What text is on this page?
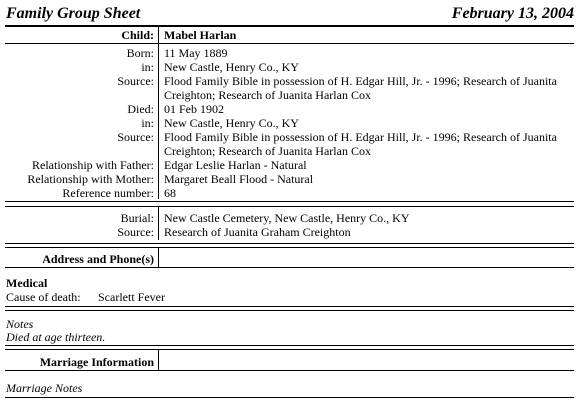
Family Group Sheet	February 13, 2004
Child: Mabel Harlan
Born: 11 May 1889
in: New Castle, Henry Co., KY
Source: Flood Family Bible in possession of H. Edgar Hill, Jr. - 1996; Research of Juanita
Creighton; Research of Juanita Harlan Cox
Died: 01 Feb 1902
in: New Castle, Henry Co., KY
Source: Flood Family Bible in possession of H. Edgar Hill, Jr. - 1996; Research of Juanita
Creighton; Research of Juanita Harlan Cox
Relationship with Father: Edgar Leslie Harlan - Natural
Relationship with Mother: Margaret Beall Flood - Natural
Reference number: 68
Burial: New Castle Cemetery, New Castle, Henry Co., KY
Source: Research of Juanita Graham Creighton
Address and Phone(s)
Medical
Cause of death: Scarlett Fever
Notes
Died at age thirteen.
Marriage Information
Marriage Notes
